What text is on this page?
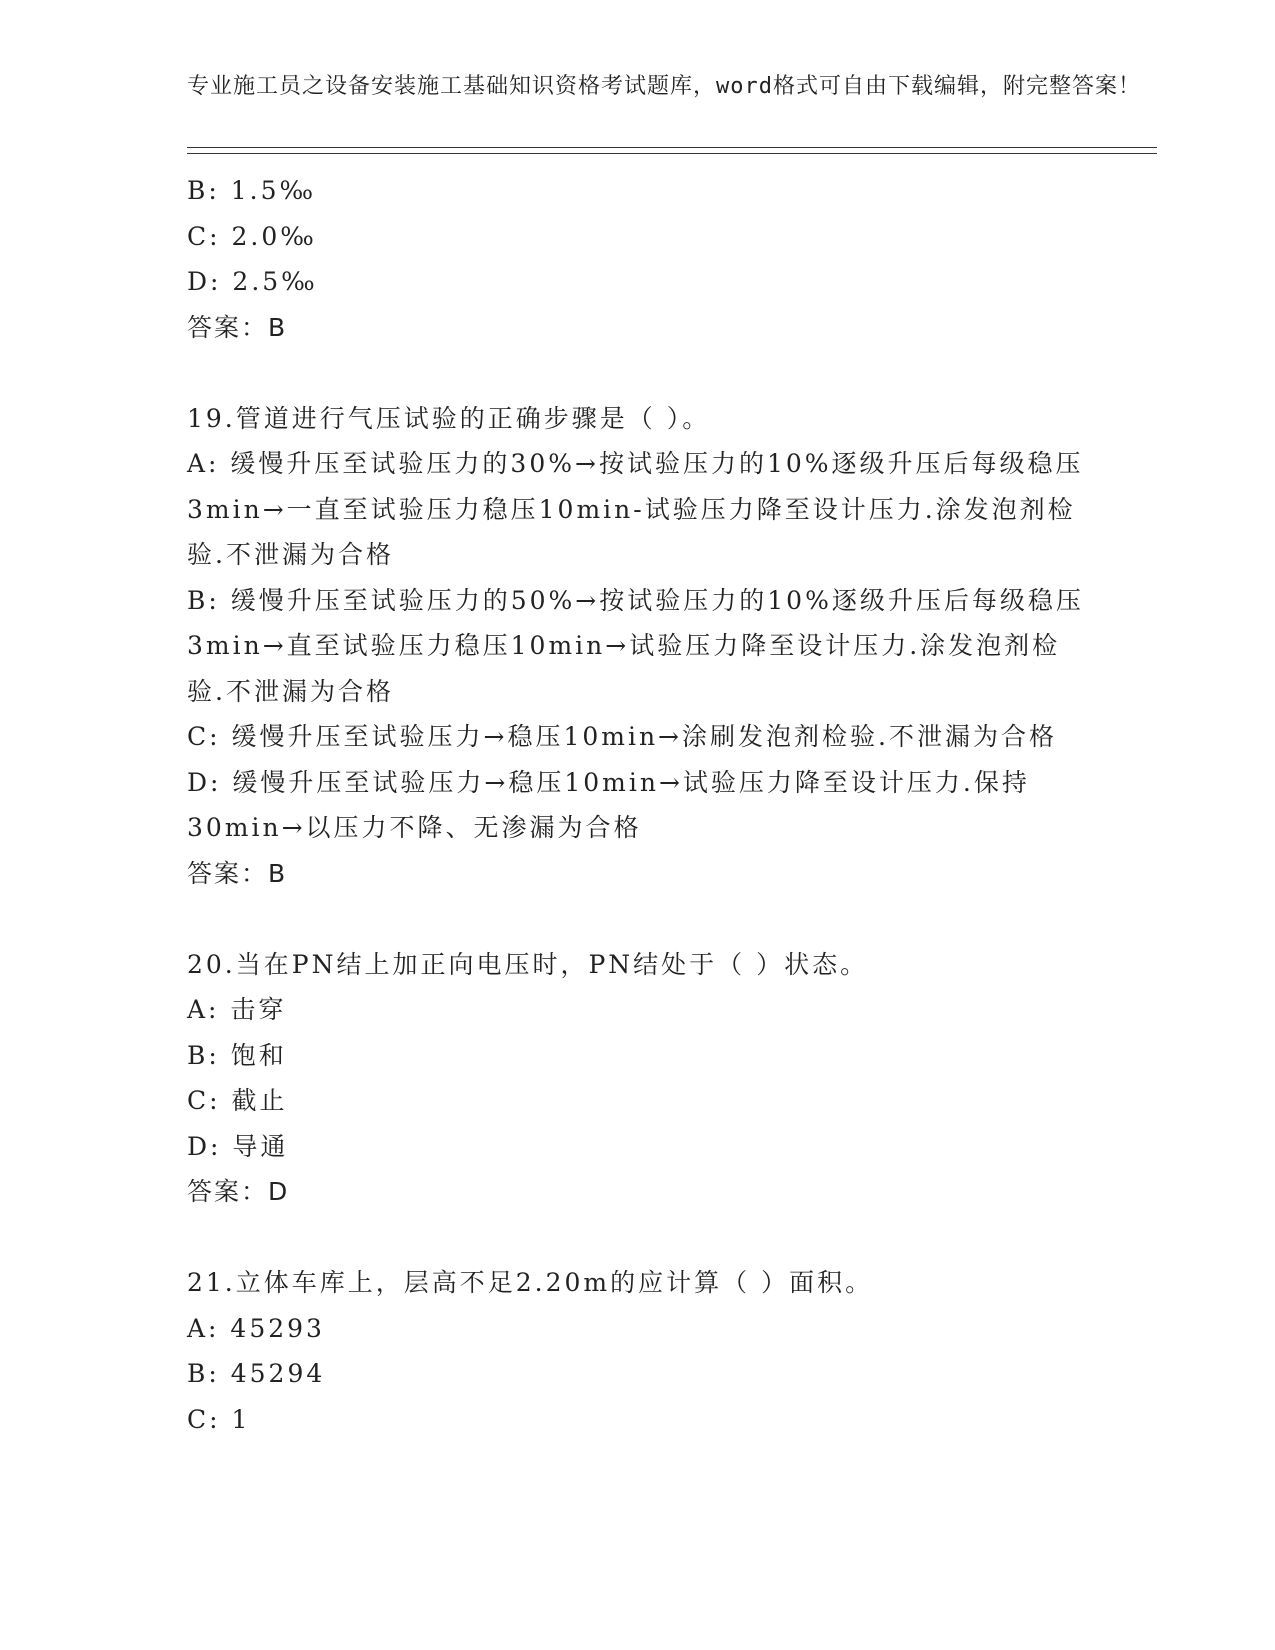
专业施工员之设备安装施工基础知识资格考试题库，word格式可自由下载编辑，附完整答案！

B: 1.5‰

C: 2.0‰

D: 2.5‰

答案：B

19.管道进行气压试验的正确步骤是（ ）。

A: 缓慢升压至试验压力的30%→按试验压力的10%逐级升压后每级稳压3min→一直至试验压力稳压10min-试验压力降至设计压力.涂发泡剂检验.不泄漏为合格

B: 缓慢升压至试验压力的50%→按试验压力的10%逐级升压后每级稳压3min→直至试验压力稳压10min→试验压力降至设计压力.涂发泡剂检验.不泄漏为合格

C: 缓慢升压至试验压力→稳压10min→涂刷发泡剂检验.不泄漏为合格

D: 缓慢升压至试验压力→稳压10min→试验压力降至设计压力.保持30min→以压力不降、无渗漏为合格

答案：B

20.当在PN结上加正向电压时，PN结处于（ ）状态。

A: 击穿

B: 饱和

C: 截止

D: 导通

答案：D

21.立体车库上，层高不足2.20m的应计算（ ）面积。

A: 45293

B: 45294

C: 1
